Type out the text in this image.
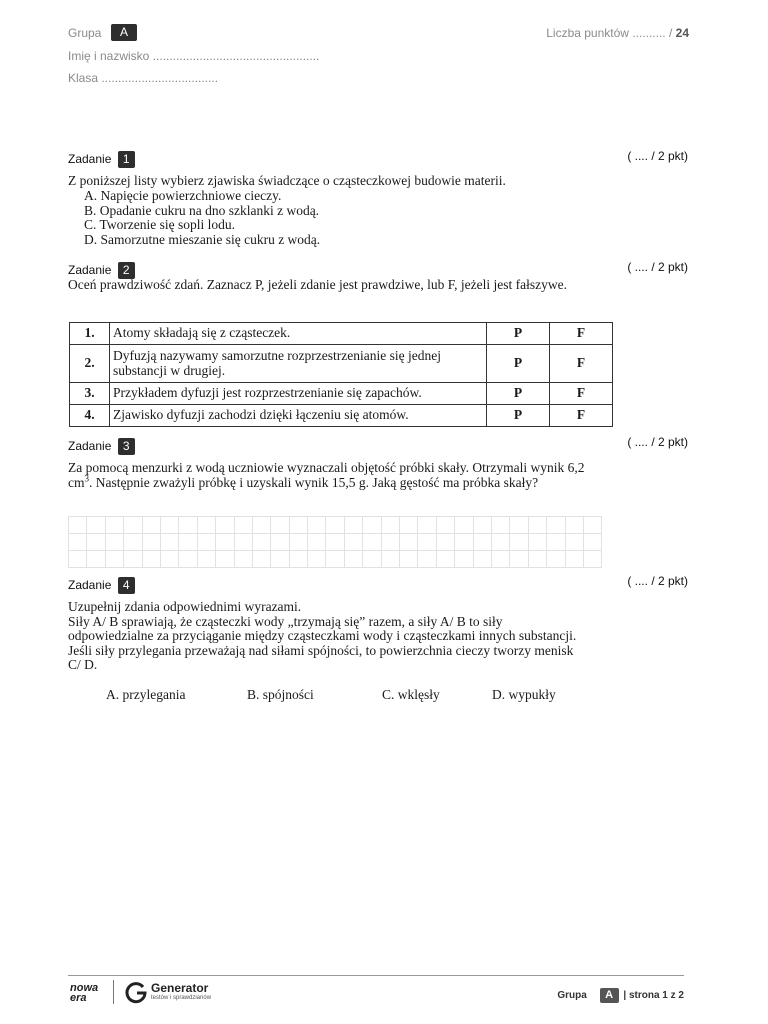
Grupa	A
Imię i nazwisko ..................................................
Klasa ...................................
Liczba punktów .......... / 24
Zadanie 1	( .... / 2 pkt)
Z poniższej listy wybierz zjawiska świadczące o cząsteczkowej budowie materii.
A. Napięcie powierzchniowe cieczy.
B. Opadanie cukru na dno szklanki z wodą.
C. Tworzenie się sopli lodu.
D. Samorzutne mieszanie się cukru z wodą.
Zadanie 2	( .... / 2 pkt)
Oceń prawdziwość zdań. Zaznacz P, jeżeli zdanie jest prawdziwe, lub F, jeżeli jest fałszywe.
1.	Atomy składają się z cząsteczek.	P	F
2.	Dyfuzją nazywamy samorzutne rozprzestrzenianie się jednej substancji w drugiej.	P	F
3.	Przykładem dyfuzji jest rozprzestrzenianie się zapachów.	P	F
4.	Zjawisko dyfuzji zachodzi dzięki łączeniu się atomów.	P	F
Zadanie 3	( .... / 2 pkt)
Za pomocą menzurki z wodą uczniowie wyznaczali objętość próbki skały. Otrzymali wynik 6,2 $cm^3$. Następnie zważyli próbkę i uzyskali wynik 15,5 g. Jaką gęstość ma próbka skały?

Zadanie 4	( .... / 2 pkt)
Uzupełnij zdania odpowiednimi wyrazami.
Siły A/ B sprawiają, że cząsteczki wody „trzymają się” razem, a siły A/ B to siły odpowiedzialne za przyciąganie między cząsteczkami wody i cząsteczkami innych substancji.
Jeśli siły przylegania przeważają nad siłami spójności, to powierzchnia cieczy tworzy menisk C/ D.
A. przylegania	B. spójności	C. wklęsły	D. wypukły
nowa era
Generator
testów i sprawdzianów	Grupa A | strona 1 z 2
